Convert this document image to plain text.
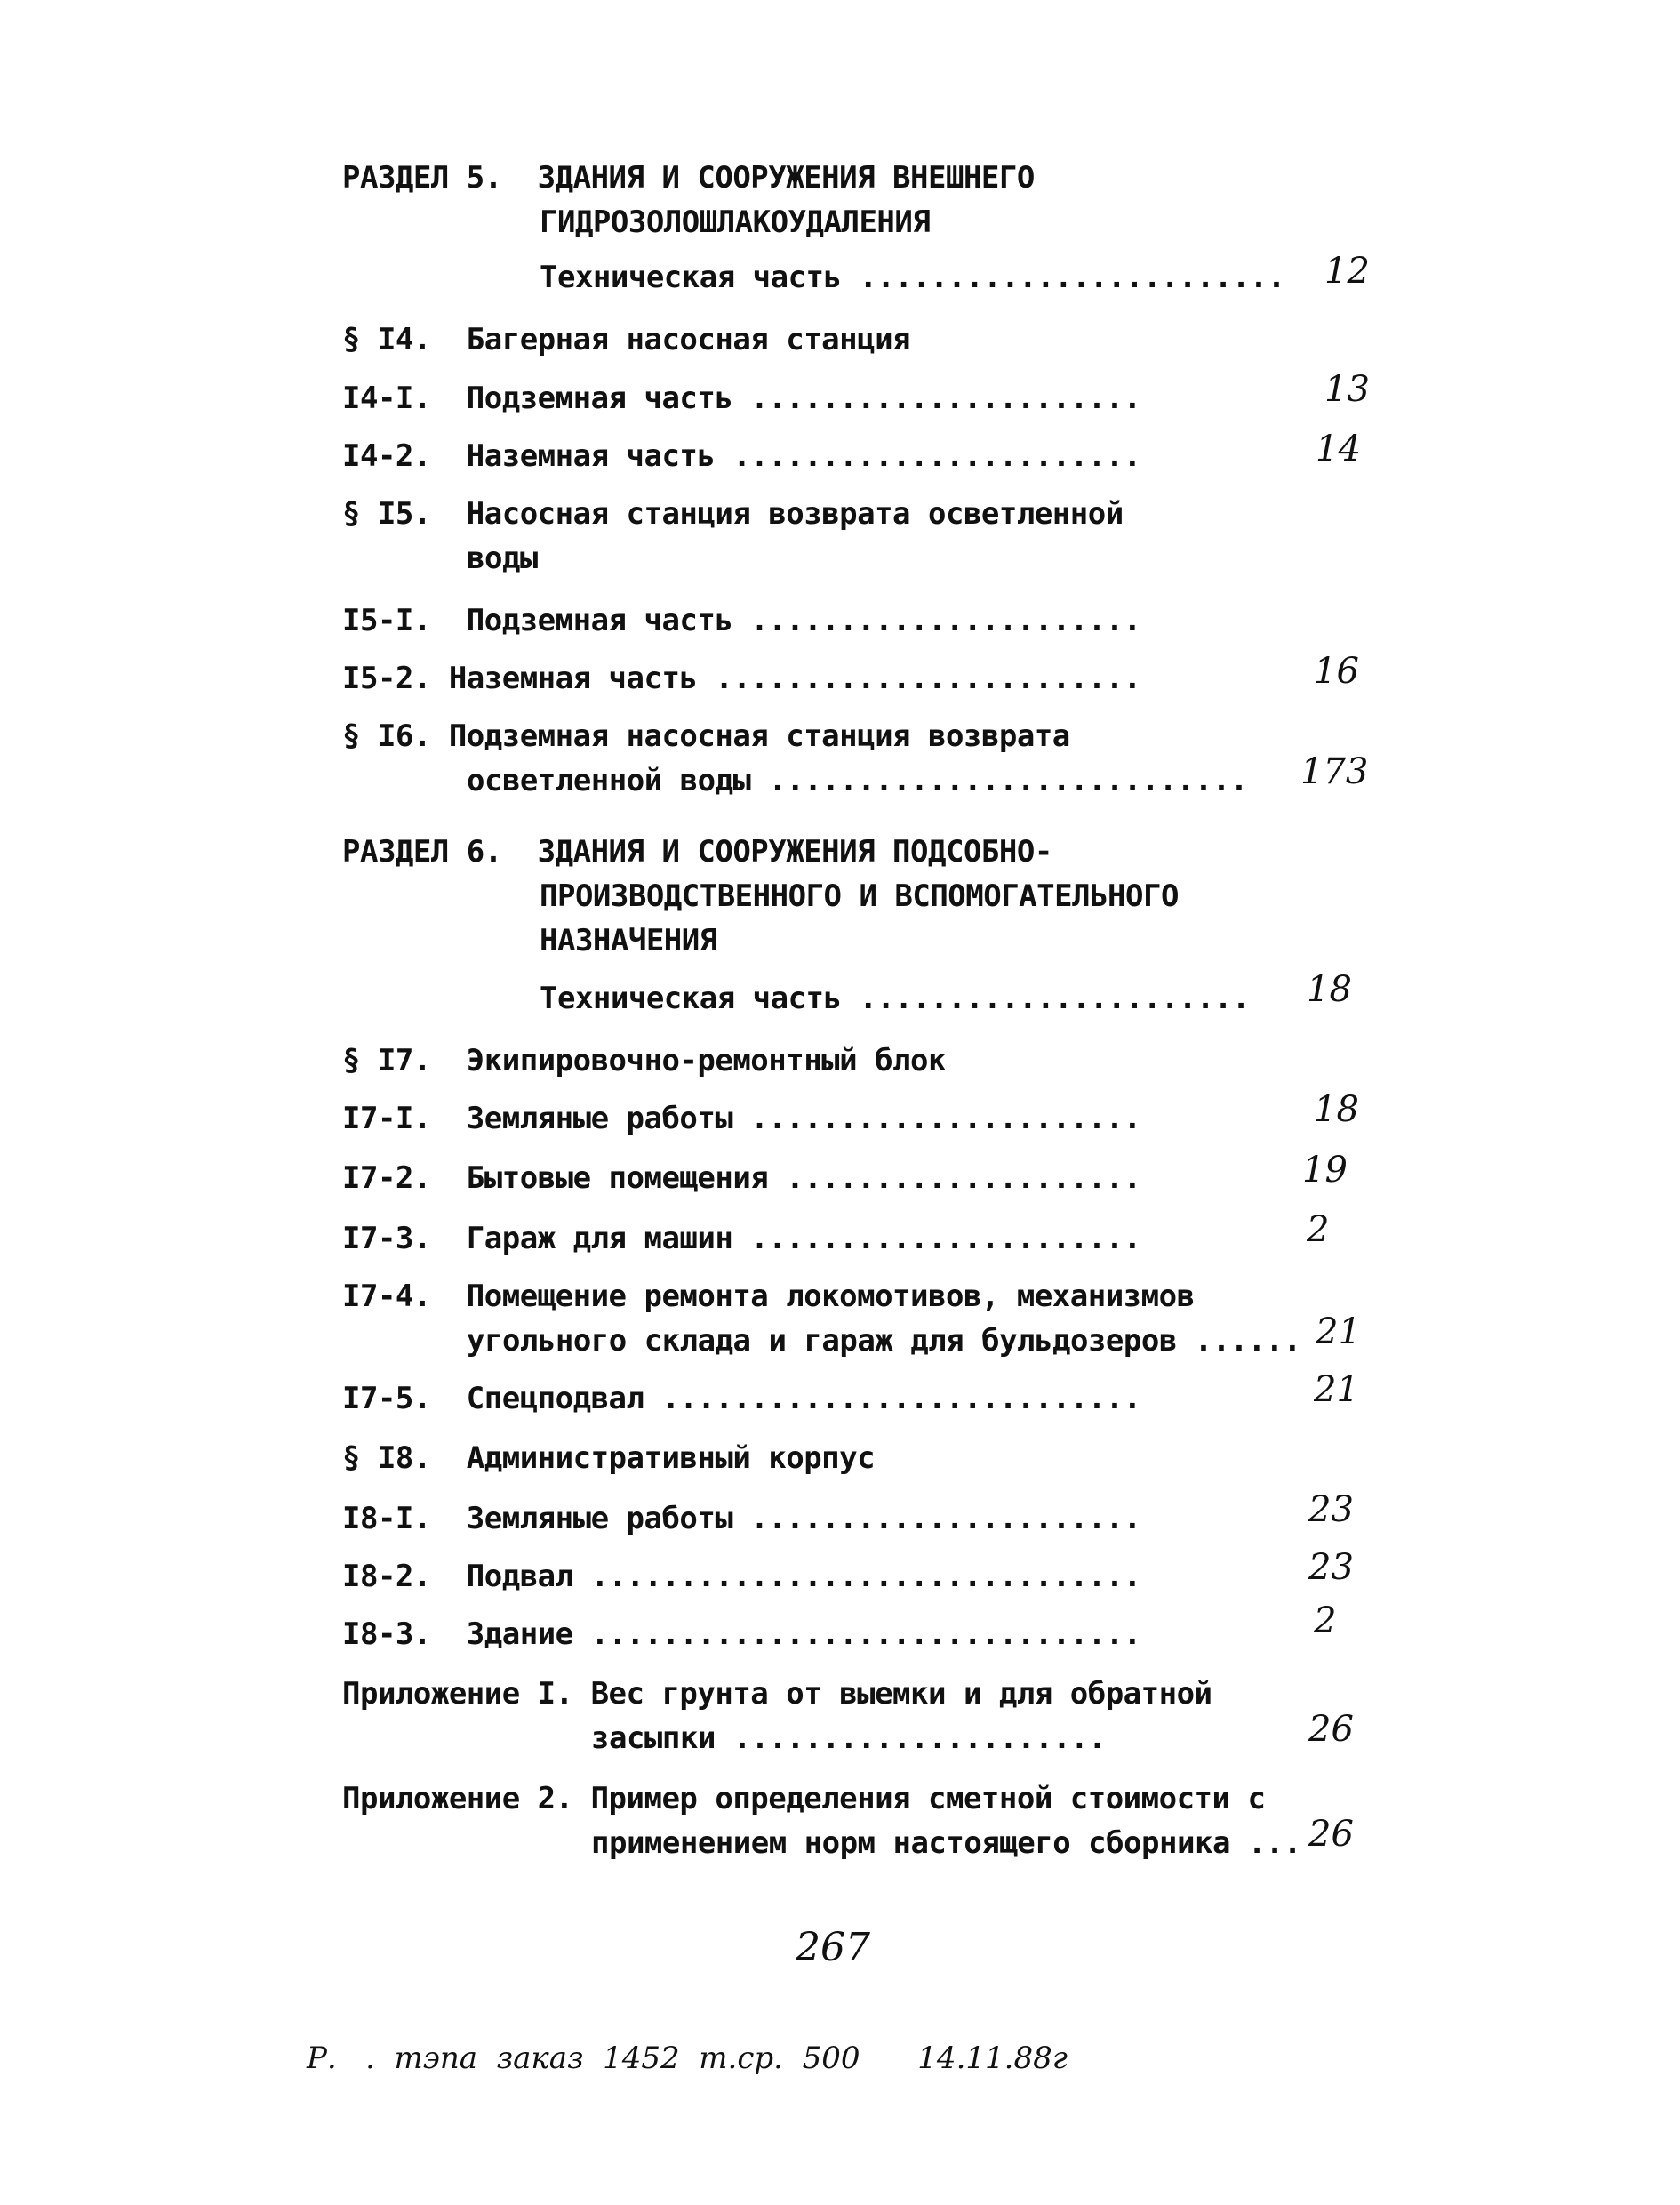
РАЗДЕЛ 5.  ЗДАНИЯ И СООРУЖЕНИЯ ВНЕШНЕГО
ГИДРОЗОЛОШЛАКОУДАЛЕНИЯ
Техническая часть ........................
§ I4.  Багерная насосная станция
I4-I.  Подземная часть ......................
I4-2.  Наземная часть .......................
§ I5.  Насосная станция возврата осветленной
воды
I5-I.  Подземная часть ......................
I5-2. Наземная часть ........................
§ I6. Подземная насосная станция возврата
осветленной воды ...........................
РАЗДЕЛ 6.  ЗДАНИЯ И СООРУЖЕНИЯ ПОДСОБНО-
ПРОИЗВОДСТВЕННОГО И ВСПОМОГАТЕЛЬНОГО
НАЗНАЧЕНИЯ
Техническая часть ......................
§ I7.  Экипировочно-ремонтный блок
I7-I.  Земляные работы ......................
I7-2.  Бытовые помещения ....................
I7-3.  Гараж для машин ......................
I7-4.  Помещение ремонта локомотивов, механизмов
угольного склада и гараж для бульдозеров ......
I7-5.  Спецподвал ...........................
§ I8.  Административный корпус
I8-I.  Земляные работы ......................
I8-2.  Подвал ...............................
I8-3.  Здание ...............................
Приложение I. Вес грунта от выемки и для обратной
засыпки .....................
Приложение 2. Пример определения сметной стоимости с
применением норм настоящего сборника ...
12
13
14
16
173
18
18
19
2
21
21
23
23
2
26
26
267
Р.   .  тэпа  заказ  1452  т.ср.  500      14.11.88г
